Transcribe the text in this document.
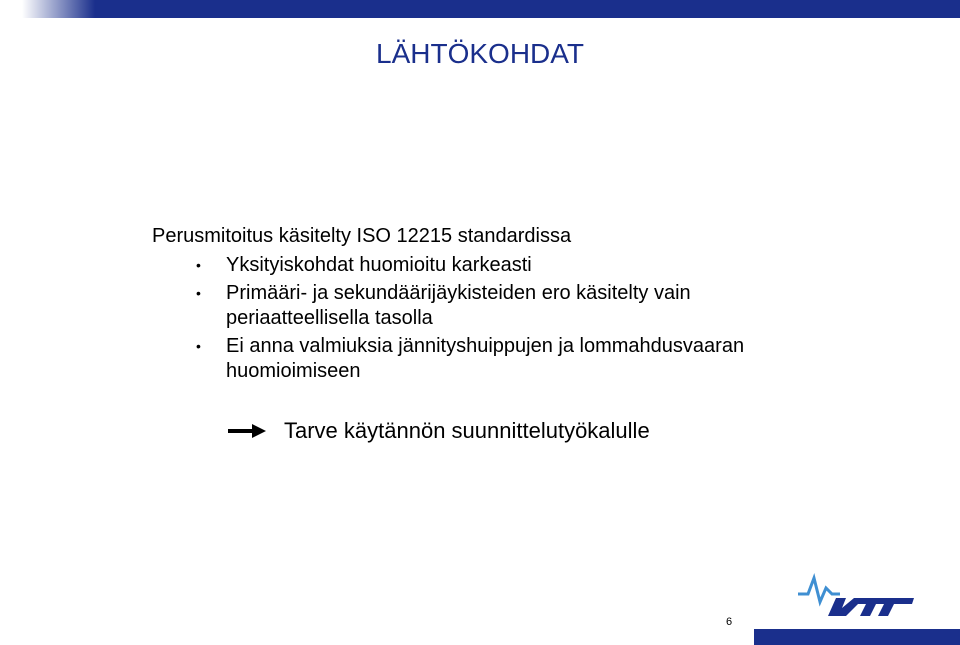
LÄHTÖKOHDAT
Perusmitoitus käsitelty ISO 12215 standardissa
• Yksityiskohdat huomioitu karkeasti
• Primääri- ja sekundäärijäykisteiden ero käsitelty vain periaatteellisella tasolla
• Ei anna valmiuksia jännityshuippujen ja lommahdusvaaran huomioimiseen
Tarve käytännön suunnittelutyökalulle
6
